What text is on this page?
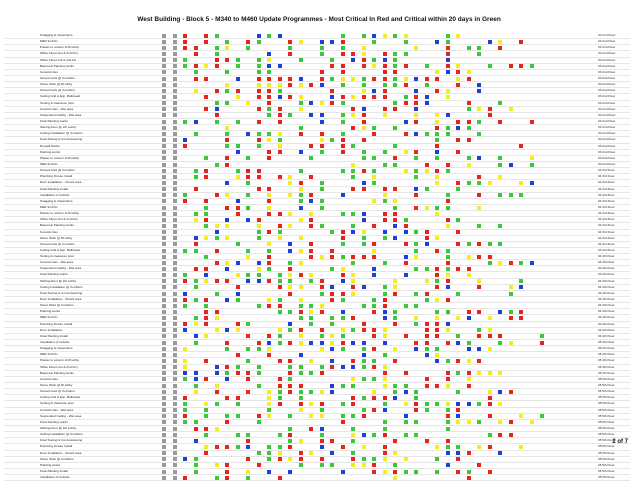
West Building - Block 5 - M340 to M460 Update Programmes - Most Critical In Red and Critical within 20 days in Green
Snagging & Inspections	03 2nd Floor
MEP 2nd Fix	03 2nd Floor
Plaster to column & lift lobby	03 2nd Floor
Office Fitout (1st & 2nd Fix)	03 2nd Floor
Office Fitout Cut & 2nd Fix	03 2nd Floor
Basecoat Painting works	03 2nd Floor
Ceramic tiles	03 2nd Floor
Screed work @ Corridors	03 2nd Floor
Stone Work @ lift lobby	03 2nd Floor
Screed work @ Corridors	03 2nd Floor
Ceiling Grid & Exp. Bulkhead	03 2nd Floor
Testing & clearance prior	03 2nd Floor
Ceramic tiles - Wet area	03 2nd Floor
Suspended Ceiling - Wet area	03 2nd Floor
Final Painting works	03 2nd Floor
Skirting Door @ Lift Lobby	03 2nd Floor
Ceiling Installation @ Corridors	03 2nd Floor
Final Testing & Commissioning	03 2nd Floor
Drywall Works	03 2nd Floor
Painting works	03 2nd Floor
Plaster to column & lift lobby	03 2nd Floor
MEP 2nd Fix	03 2nd Floor
Screed work @ Corridors	04 3rd Floor
Plumbing Fixture Install	04 3rd Floor
Door Installation - Tenant area	04 3rd Floor
Final Painting Install	04 3rd Floor
Installation of Cubicle	04 3rd Floor
Snagging & Inspections	04 3rd Floor
MEP 2nd Fix	04 3rd Floor
Plaster to column & lift lobby	04 3rd Floor
Office Fitout (1st & 2nd Fix)	04 3rd Floor
Basecoat Painting works	04 3rd Floor
Ceramic tiles	04 3rd Floor
Stone Work @ lift lobby	04 3rd Floor
Screed work @ Corridors	04 3rd Floor
Ceiling Grid & Exp. Bulkhead	04 3rd Floor
Testing & clearance prior	04 4th Floor
Ceramic tiles - Wet area	04 4th Floor
Suspended Ceiling - Wet area	04 4th Floor
Final Painting works	04 4th Floor
Skirting Door @ Lift Lobby	04 4th Floor
Ceiling Installation @ Corridors	04 4th Floor
Final Testing & Commissioning	04 4th Floor
Door Installation - Tenant area	04 4th Floor
Stone Work @ Corridors	04 4th Floor
Painting works	04 4th Floor
MEP 2nd Fix	04 4th Floor
Plumbing Fixture Install	04 4th Floor
Door Installation	04 4th Floor
Final Painting Install	04 4th Floor
Installation of Cubicle	05 4th Floor
Snagging & Inspections	05 4th Floor
MEP 2nd Fix	05 4th Floor
Plaster to column & lift lobby	05 4th Floor
Office Fitout (1st & 2nd Fix)	05 4th Floor
Basecoat Painting works	05 4th Floor
Ceramic tiles	05 5th Floor
Stone Work @ lift lobby	05 5th Floor
Screed work @ Corridors	05 5th Floor
Ceiling Grid & Exp. Bulkhead	05 5th Floor
Testing & clearance prior	05 5th Floor
Ceramic tiles - Wet area	05 5th Floor
Suspended Ceiling - Wet area	05 5th Floor
Final Painting works	05 5th Floor
Skirting Door @ Lift Lobby	05 5th Floor
Ceiling Installation @ Corridors	05 5th Floor
Final Testing & Commissioning	05 5th Floor
Plumbing Fixture Install	05 5th Floor
Door Installation - Tenant area	05 5th Floor
Stone Work @ Corridors	05 5th Floor
Painting works	05 5th Floor
Final Painting Install	05 5th Floor
Installation of Cubicle	05 5th Floor
2 of 7
